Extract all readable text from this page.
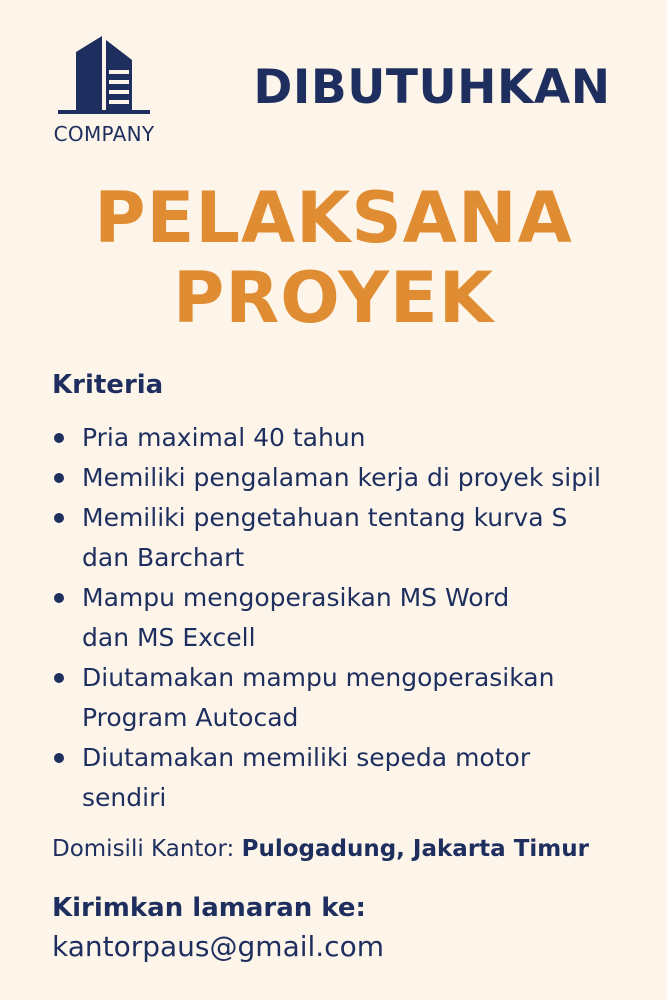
COMPANY
DIBUTUHKAN
PELAKSANA
PROYEK
Kriteria
Pria maximal 40 tahun
Memiliki pengalaman kerja di proyek sipil
Memiliki pengetahuan tentang kurva S
dan Barchart
Mampu mengoperasikan MS Word
dan MS Excell
Diutamakan mampu mengoperasikan
Program Autocad
Diutamakan memiliki sepeda motor
sendiri
Domisili Kantor: Pulogadung, Jakarta Timur
Kirimkan lamaran ke:
kantorpaus@gmail.com
